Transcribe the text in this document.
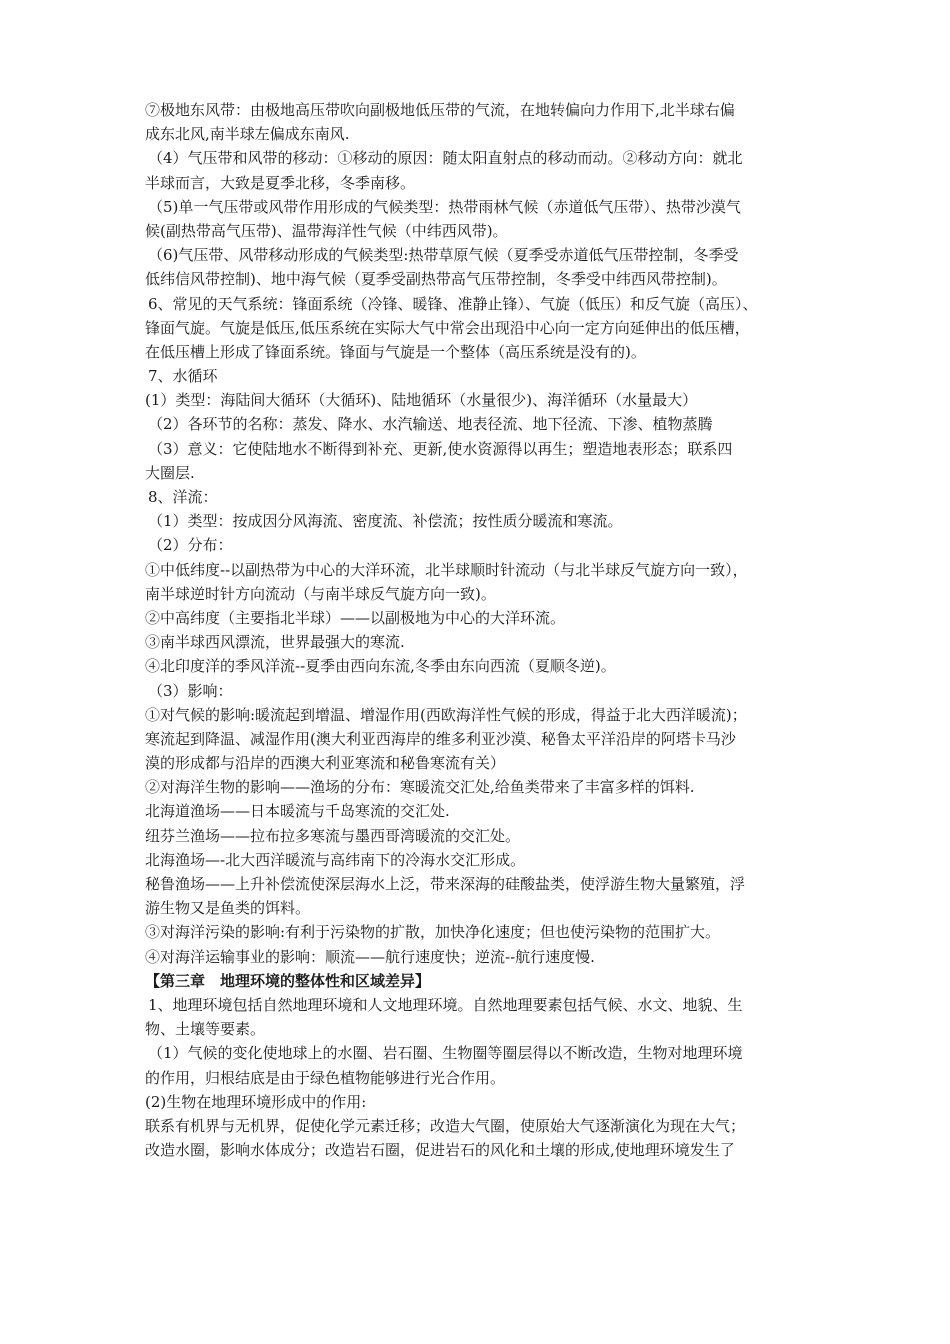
⑦极地东风带：由极地高压带吹向副极地低压带的气流，在地转偏向力作用下,北半球右偏
成东北风,南半球左偏成东南风.
（4）气压带和风带的移动：①移动的原因：随太阳直射点的移动而动。②移动方向：就北
半球而言，大致是夏季北移，冬季南移。
（5)单一气压带或风带作用形成的气候类型：热带雨林气候（赤道低气压带）、热带沙漠气
候(副热带高气压带)、温带海洋性气候（中纬西风带)。
（6)气压带、风带移动形成的气候类型:热带草原气候（夏季受赤道低气压带控制，冬季受
低纬信风带控制)、地中海气候（夏季受副热带高气压带控制，冬季受中纬西风带控制)。
6、常见的天气系统：锋面系统（冷锋、暖锋、准静止锋）、气旋（低压）和反气旋（高压）、
锋面气旋。气旋是低压,低压系统在实际大气中常会出现沿中心向一定方向延伸出的低压槽，
在低压槽上形成了锋面系统。锋面与气旋是一个整体（高压系统是没有的)。
7、水循环
(1）类型：海陆间大循环（大循环)、陆地循环（水量很少)、海洋循环（水量最大）
（2）各环节的名称：蒸发、降水、水汽输送、地表径流、地下径流、下渗、植物蒸腾
（3）意义：它使陆地水不断得到补充、更新,使水资源得以再生；塑造地表形态；联系四
大圈层.
8、洋流：
（1）类型：按成因分风海流、密度流、补偿流；按性质分暖流和寒流。
（2）分布：
①中低纬度--以副热带为中心的大洋环流，北半球顺时针流动（与北半球反气旋方向一致），
南半球逆时针方向流动（与南半球反气旋方向一致)。
②中高纬度（主要指北半球）——以副极地为中心的大洋环流。
③南半球西风漂流，世界最强大的寒流.
④北印度洋的季风洋流--夏季由西向东流,冬季由东向西流（夏顺冬逆)。
（3）影响：
①对气候的影响:暖流起到增温、增湿作用(西欧海洋性气候的形成，得益于北大西洋暖流)；
寒流起到降温、减湿作用(澳大利亚西海岸的维多利亚沙漠、秘鲁太平洋沿岸的阿塔卡马沙
漠的形成都与沿岸的西澳大利亚寒流和秘鲁寒流有关）
②对海洋生物的影响——渔场的分布：寒暖流交汇处,给鱼类带来了丰富多样的饵料.
北海道渔场——日本暖流与千岛寒流的交汇处.
纽芬兰渔场——拉布拉多寒流与墨西哥湾暖流的交汇处。
北海渔场—-北大西洋暖流与高纬南下的冷海水交汇形成。
秘鲁渔场——上升补偿流使深层海水上泛，带来深海的硅酸盐类，使浮游生物大量繁殖，浮
游生物又是鱼类的饵料。
③对海洋污染的影响:有利于污染物的扩散，加快净化速度；但也使污染物的范围扩大。
④对海洋运输事业的影响：顺流——航行速度快；逆流--航行速度慢.
【第三章　地理环境的整体性和区域差异】
1、地理环境包括自然地理环境和人文地理环境。自然地理要素包括气候、水文、地貌、生
物、土壤等要素。
（1）气候的变化使地球上的水圈、岩石圈、生物圈等圈层得以不断改造，生物对地理环境
的作用，归根结底是由于绿色植物能够进行光合作用。
(2)生物在地理环境形成中的作用:
联系有机界与无机界，促使化学元素迁移；改造大气圈，使原始大气逐渐演化为现在大气；
改造水圈，影响水体成分；改造岩石圈，促进岩石的风化和土壤的形成,使地理环境发生了
